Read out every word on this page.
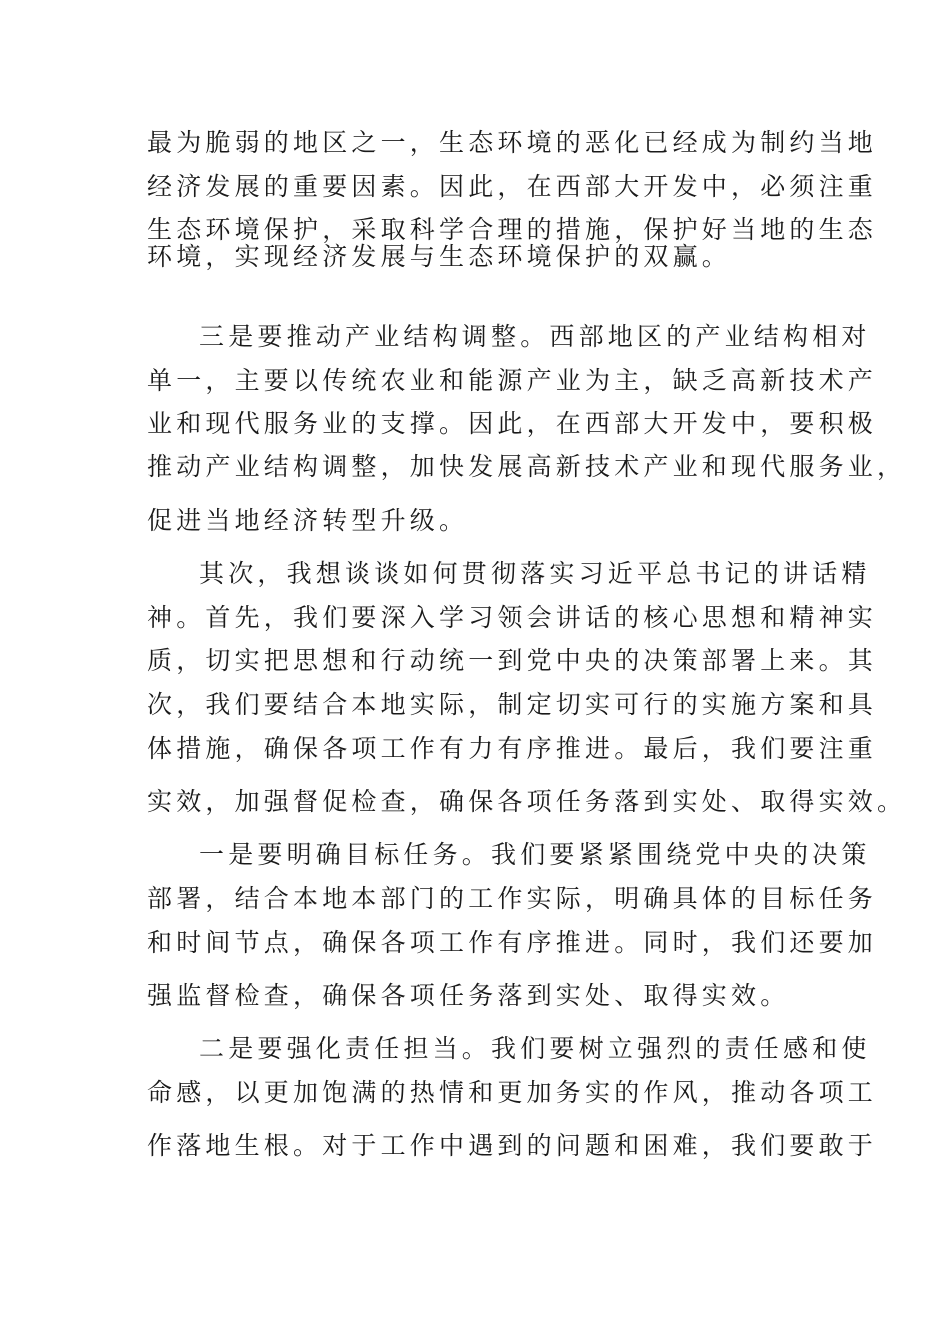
最为脆弱的地区之一，生态环境的恶化已经成为制约当地
经济发展的重要因素。因此，在西部大开发中，必须注重
生态环境保护，采取科学合理的措施，保护好当地的生态
环境，实现经济发展与生态环境保护的双赢。
三是要推动产业结构调整。西部地区的产业结构相对
单一，主要以传统农业和能源产业为主，缺乏高新技术产
业和现代服务业的支撑。因此，在西部大开发中，要积极
推动产业结构调整，加快发展高新技术产业和现代服务业，
促进当地经济转型升级。
其次，我想谈谈如何贯彻落实习近平总书记的讲话精
神。首先，我们要深入学习领会讲话的核心思想和精神实
质，切实把思想和行动统一到党中央的决策部署上来。其
次，我们要结合本地实际，制定切实可行的实施方案和具
体措施，确保各项工作有力有序推进。最后，我们要注重
实效，加强督促检查，确保各项任务落到实处、取得实效。
一是要明确目标任务。我们要紧紧围绕党中央的决策
部署，结合本地本部门的工作实际，明确具体的目标任务
和时间节点，确保各项工作有序推进。同时，我们还要加
强监督检查，确保各项任务落到实处、取得实效。
二是要强化责任担当。我们要树立强烈的责任感和使
命感，以更加饱满的热情和更加务实的作风，推动各项工
作落地生根。对于工作中遇到的问题和困难，我们要敢于
